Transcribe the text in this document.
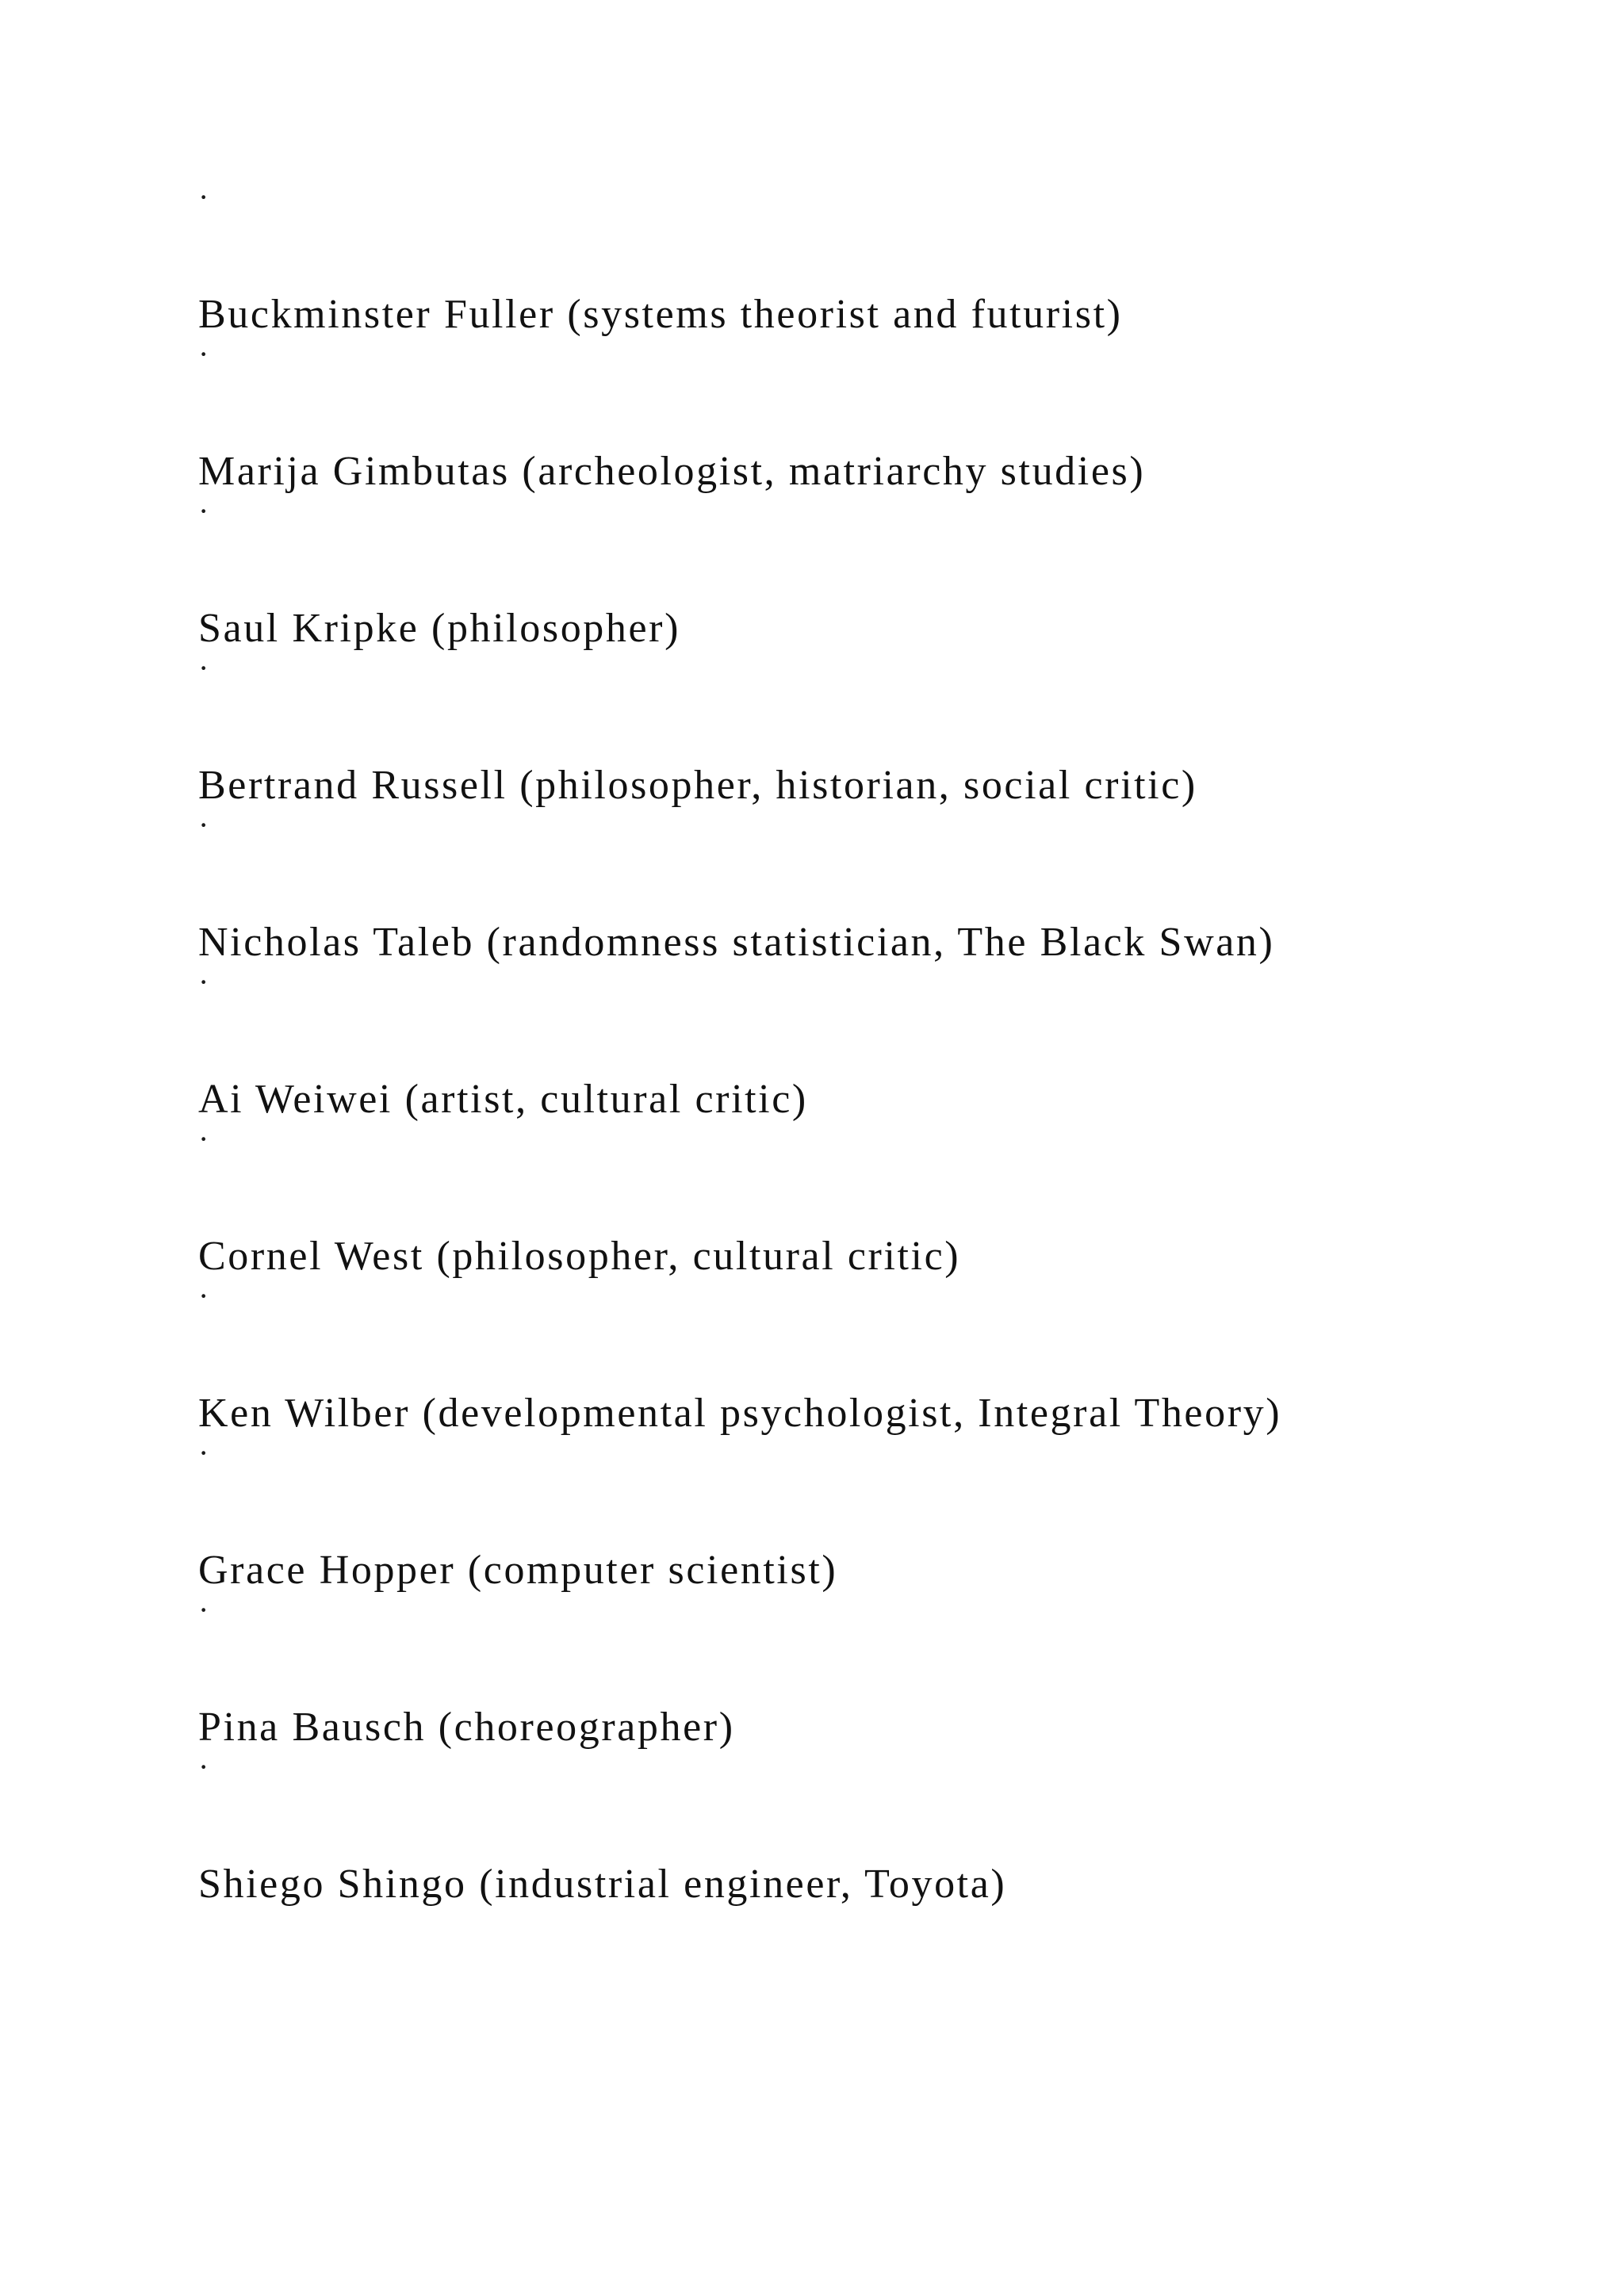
·
Buckminster Fuller (systems theorist and futurist)
·
Marija Gimbutas (archeologist, matriarchy studies)
·
Saul Kripke (philosopher)
·
Bertrand Russell (philosopher, historian, social critic)
·
Nicholas Taleb (randomness statistician, The Black Swan)
·
Ai Weiwei (artist, cultural critic)
·
Cornel West (philosopher, cultural critic)
·
Ken Wilber (developmental psychologist, Integral Theory)
·
Grace Hopper (computer scientist)
·
Pina Bausch (choreographer)
·
Shiego Shingo (industrial engineer, Toyota)
